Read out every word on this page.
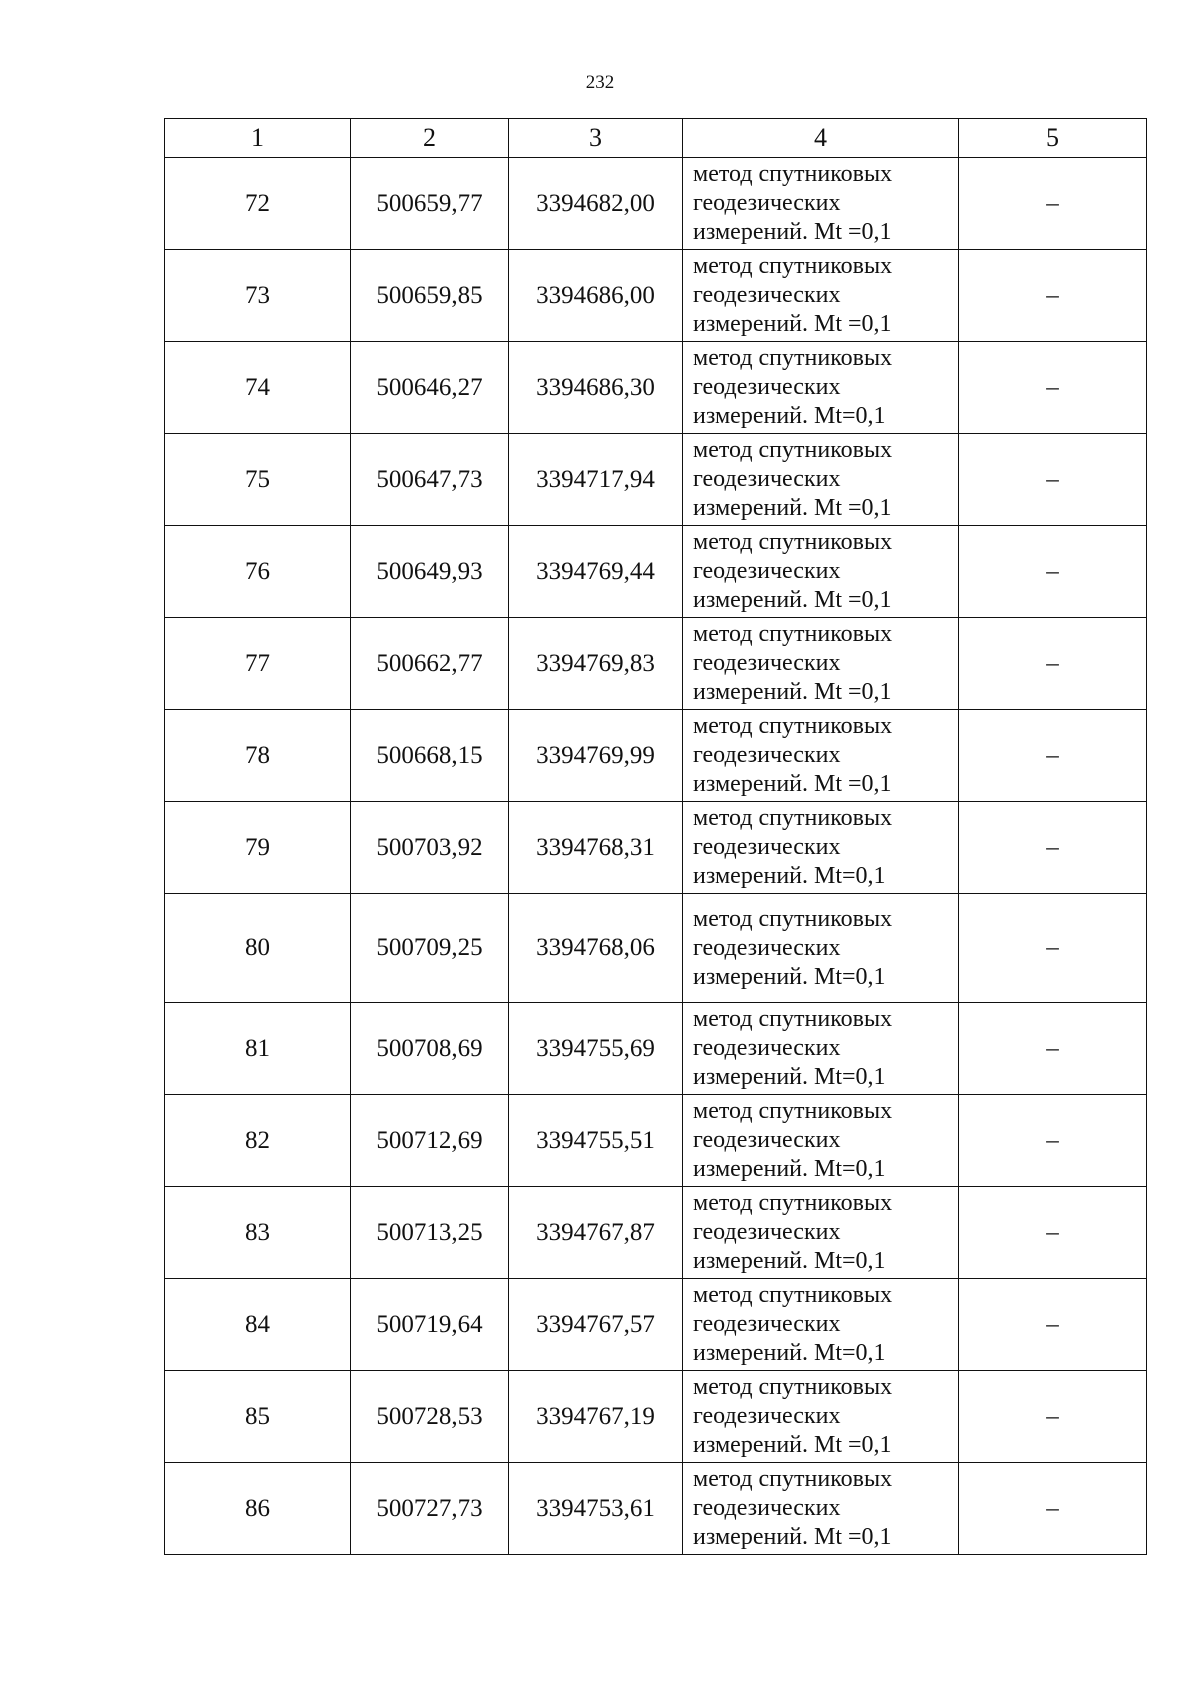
232
1	2	3	4	5
72	500659,77	3394682,00	метод спутниковых
геодезических
измерений. Mt =0,1	–
73	500659,85	3394686,00	метод спутниковых
геодезических
измерений. Mt =0,1	–
74	500646,27	3394686,30	метод спутниковых
геодезических
измерений. Mt=0,1	–
75	500647,73	3394717,94	метод спутниковых
геодезических
измерений. Mt =0,1	–
76	500649,93	3394769,44	метод спутниковых
геодезических
измерений. Mt =0,1	–
77	500662,77	3394769,83	метод спутниковых
геодезических
измерений. Mt =0,1	–
78	500668,15	3394769,99	метод спутниковых
геодезических
измерений. Mt =0,1	–
79	500703,92	3394768,31	метод спутниковых
геодезических
измерений. Mt=0,1	–
80	500709,25	3394768,06	метод спутниковых
геодезических
измерений. Mt=0,1	–
81	500708,69	3394755,69	метод спутниковых
геодезических
измерений. Mt=0,1	–
82	500712,69	3394755,51	метод спутниковых
геодезических
измерений. Mt=0,1	–
83	500713,25	3394767,87	метод спутниковых
геодезических
измерений. Mt=0,1	–
84	500719,64	3394767,57	метод спутниковых
геодезических
измерений. Mt=0,1	–
85	500728,53	3394767,19	метод спутниковых
геодезических
измерений. Mt =0,1	–
86	500727,73	3394753,61	метод спутниковых
геодезических
измерений. Mt =0,1	–
